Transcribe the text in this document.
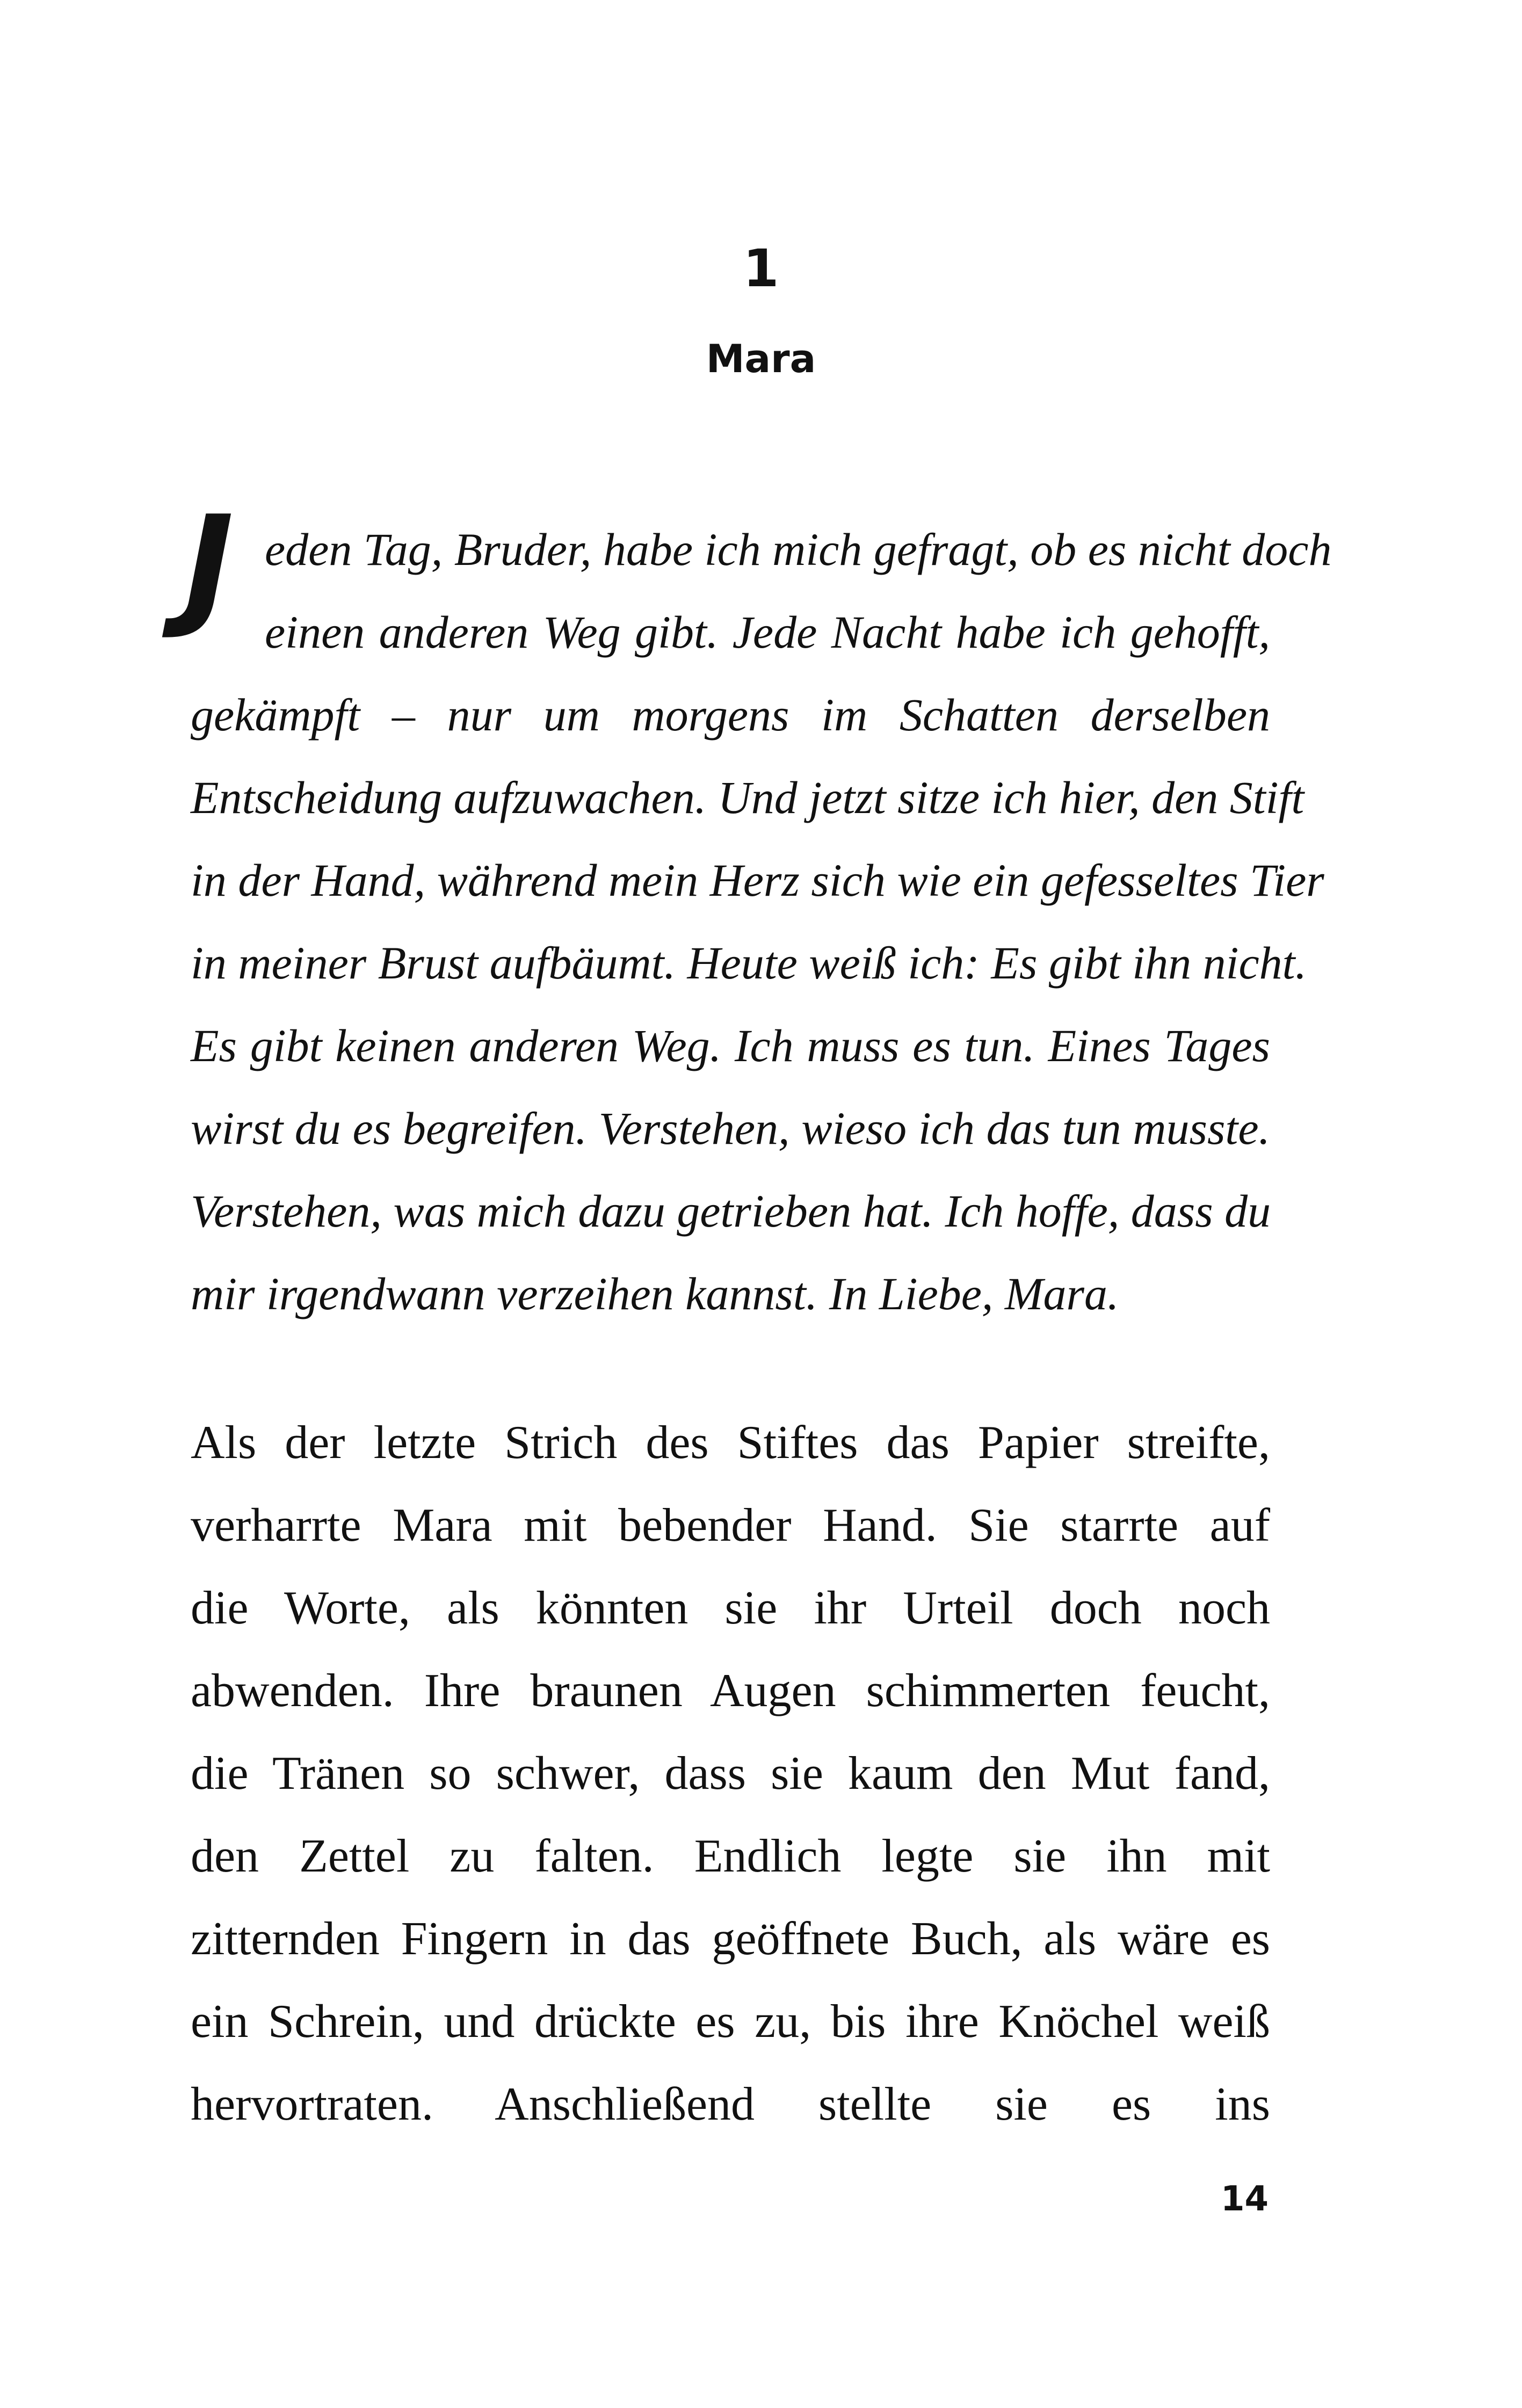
1
Mara
J eden Tag, Bruder, habe ich mich gefragt, ob es nicht doch
einen anderen Weg gibt. Jede Nacht habe ich gehofft,
gekämpft – nur um morgens im Schatten derselben
Entscheidung aufzuwachen. Und jetzt sitze ich hier, den Stift
in der Hand, während mein Herz sich wie ein gefesseltes Tier
in meiner Brust aufbäumt. Heute weiß ich: Es gibt ihn nicht.
Es gibt keinen anderen Weg. Ich muss es tun. Eines Tages
wirst du es begreifen. Verstehen, wieso ich das tun musste.
Verstehen, was mich dazu getrieben hat. Ich hoffe, dass du
mir irgendwann verzeihen kannst. In Liebe, Mara.
Als der letzte Strich des Stiftes das Papier streifte,
verharrte Mara mit bebender Hand. Sie starrte auf
die Worte, als könnten sie ihr Urteil doch noch
abwenden. Ihre braunen Augen schimmerten feucht,
die Tränen so schwer, dass sie kaum den Mut fand,
den Zettel zu falten. Endlich legte sie ihn mit
zitternden Fingern in das geöffnete Buch, als wäre es
ein Schrein, und drückte es zu, bis ihre Knöchel weiß
hervortraten. Anschließend stellte sie es ins
14
